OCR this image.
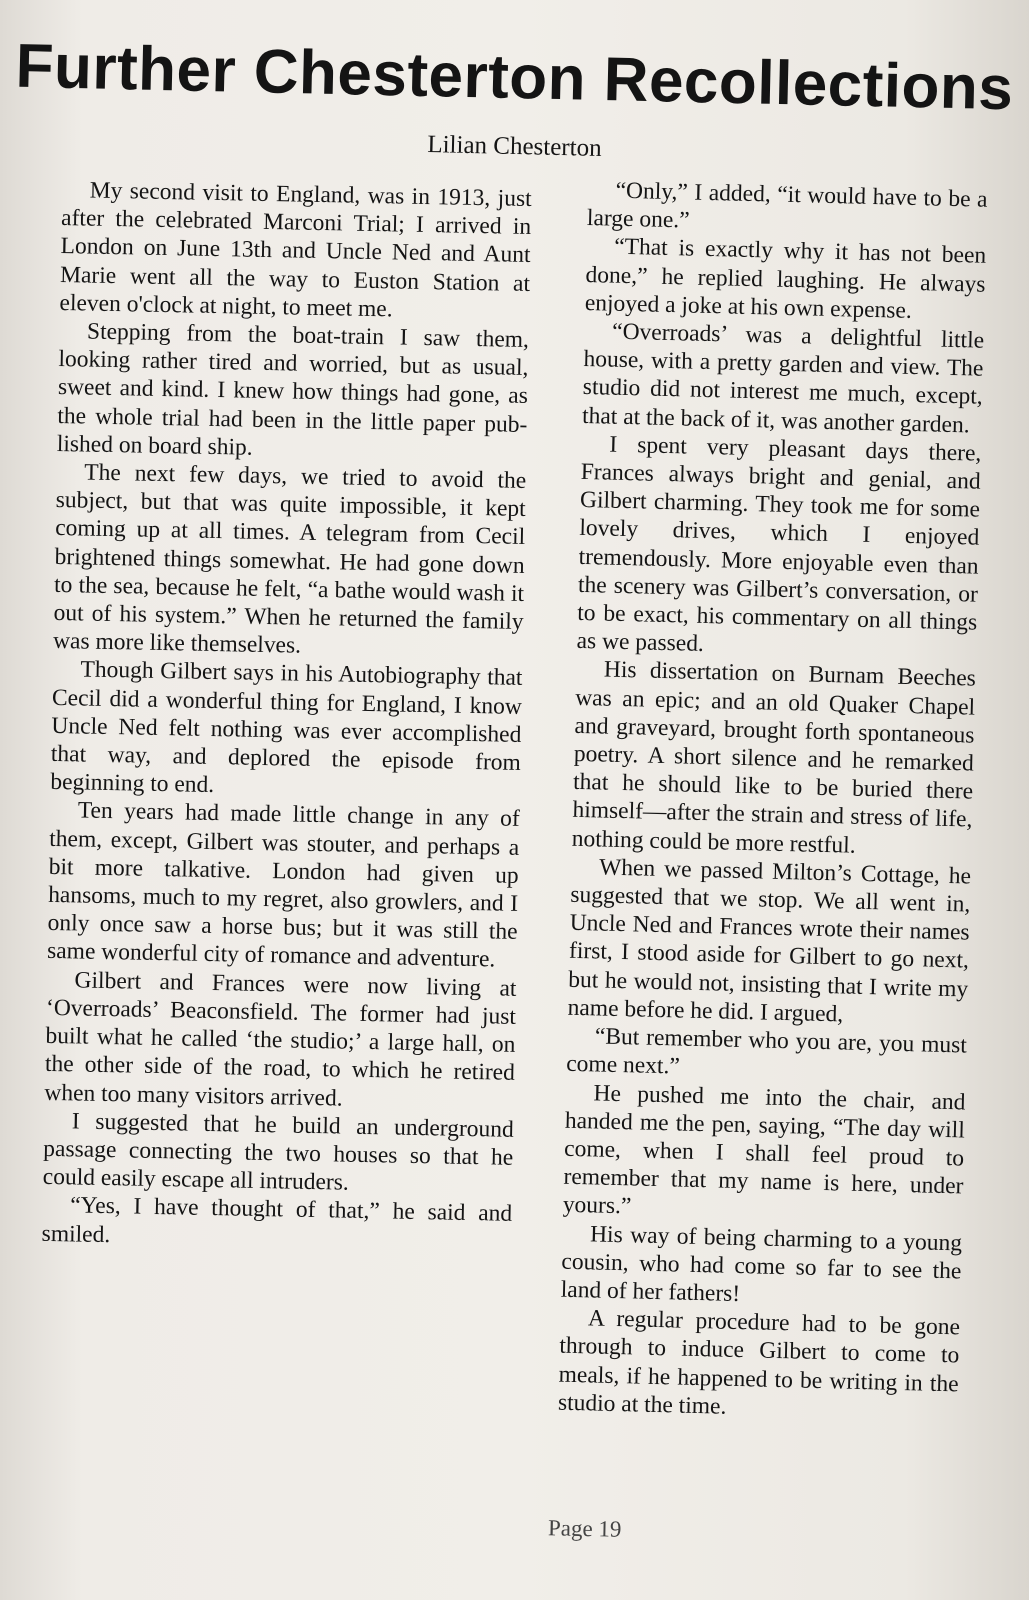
Further Chesterton Recollections

Lilian Chesterton

My second visit to England, was in 1913, just after the celebrated Marconi Trial; I arrived in London on June 13th and Uncle Ned and Aunt Marie went all the way to Euston Station at eleven o'clock at night, to meet me.

Stepping from the boat-train I saw them, looking rather tired and worried, but as usual, sweet and kind. I knew how things had gone, as the whole trial had been in the little paper published on board ship.

The next few days, we tried to avoid the subject, but that was quite impossible, it kept coming up at all times. A telegram from Cecil brightened things somewhat. He had gone down to the sea, because he felt, “a bathe would wash it out of his system.” When he returned the family was more like themselves.

Though Gilbert says in his Autobiography that Cecil did a wonderful thing for England, I know Uncle Ned felt nothing was ever accomplished that way, and deplored the episode from beginning to end.

Ten years had made little change in any of them, except, Gilbert was stouter, and perhaps a bit more talkative. London had given up hansoms, much to my regret, also growlers, and I only once saw a horse bus; but it was still the same wonderful city of romance and adventure.

Gilbert and Frances were now living at ‘Overroads’ Beaconsfield. The former had just built what he called ‘the studio;’ a large hall, on the other side of the road, to which he retired when too many visitors arrived.

I suggested that he build an underground passage connecting the two houses so that he could easily escape all intruders.

“Yes, I have thought of that,” he said and smiled.

“Only,” I added, “it would have to be a large one.”

“That is exactly why it has not been done,” he replied laughing. He always enjoyed a joke at his own expense.

“Overroads’ was a delightful little house, with a pretty garden and view. The studio did not interest me much, except, that at the back of it, was another garden.

I spent very pleasant days there, Frances always bright and genial, and Gilbert charming. They took me for some lovely drives, which I enjoyed tremendously. More enjoyable even than the scenery was Gilbert’s conversation, or to be exact, his commentary on all things as we passed.

His dissertation on Burnam Beeches was an epic; and an old Quaker Chapel and graveyard, brought forth spontaneous poetry. A short silence and he remarked that he should like to be buried there himself—after the strain and stress of life, nothing could be more restful.

When we passed Milton’s Cottage, he suggested that we stop. We all went in, Uncle Ned and Frances wrote their names first, I stood aside for Gilbert to go next, but he would not, insisting that I write my name before he did. I argued,

“But remember who you are, you must come next.”

He pushed me into the chair, and handed me the pen, saying, “The day will come, when I shall feel proud to remember that my name is here, under yours.”

His way of being charming to a young cousin, who had come so far to see the land of her fathers!

A regular procedure had to be gone through to induce Gilbert to come to meals, if he happened to be writing in the studio at the time.

Page 19
